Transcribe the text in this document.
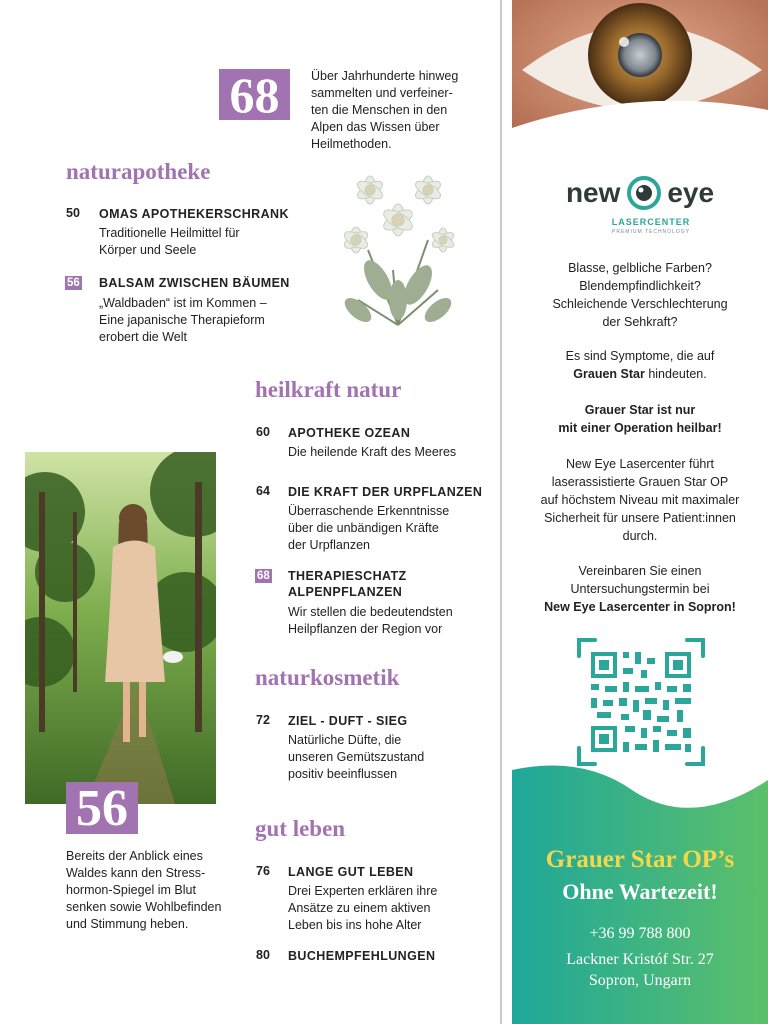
68	Über Jahrhunderte hinweg
sammelten und verfeiner-
ten die Menschen in den
Alpen das Wissen über
Heilmethoden.
naturapotheke
50 OMAS APOTHEKERSCHRANK
Traditionelle Heilmittel für
Körper und Seele
56 BALSAM ZWISCHEN BÄUMEN
„Waldbaden“ ist im Kommen –
Eine japanische Therapieform
erobert die Welt
heilkraft natur
60 APOTHEKE OZEAN
Die heilende Kraft des Meeres
64 DIE KRAFT DER URPFLANZEN
Überraschende Erkenntnisse
über die unbändigen Kräfte
der Urpflanzen
68 THERAPIESCHATZ
ALPENPFLANZEN
Wir stellen die bedeutendsten
Heilpflanzen der Region vor
56
Bereits der Anblick eines
Waldes kann den Stress-
hormon-Spiegel im Blut
senken sowie Wohlbefinden
und Stimmung heben.
naturkosmetik
72 ZIEL - DUFT - SIEG
Natürliche Düfte, die
unseren Gemütszustand
positiv beeinflussen
gut leben
76 LANGE GUT LEBEN
Drei Experten erklären ihre
Ansätze zu einem aktiven
Leben bis ins hohe Alter
80 BUCHEMPFEHLUNGEN
new eye
LASERCENTER
PREMIUM TECHNOLOGY
Blasse, gelbliche Farben?
Blendempfindlichkeit?
Schleichende Verschlechterung
der Sehkraft?
Es sind Symptome, die auf
Grauen Star hindeuten.
Grauer Star ist nur
mit einer Operation heilbar!
New Eye Lasercenter führt
laserassistierte Grauen Star OP
auf höchstem Niveau mit maximaler
Sicherheit für unsere Patient:innen
durch.
Vereinbaren Sie einen
Untersuchungstermin bei
New Eye Lasercenter in Sopron!
Grauer Star OP’s
Ohne Wartezeit!
+36 99 788 800
Lackner Kristóf Str. 27
Sopron, Ungarn
